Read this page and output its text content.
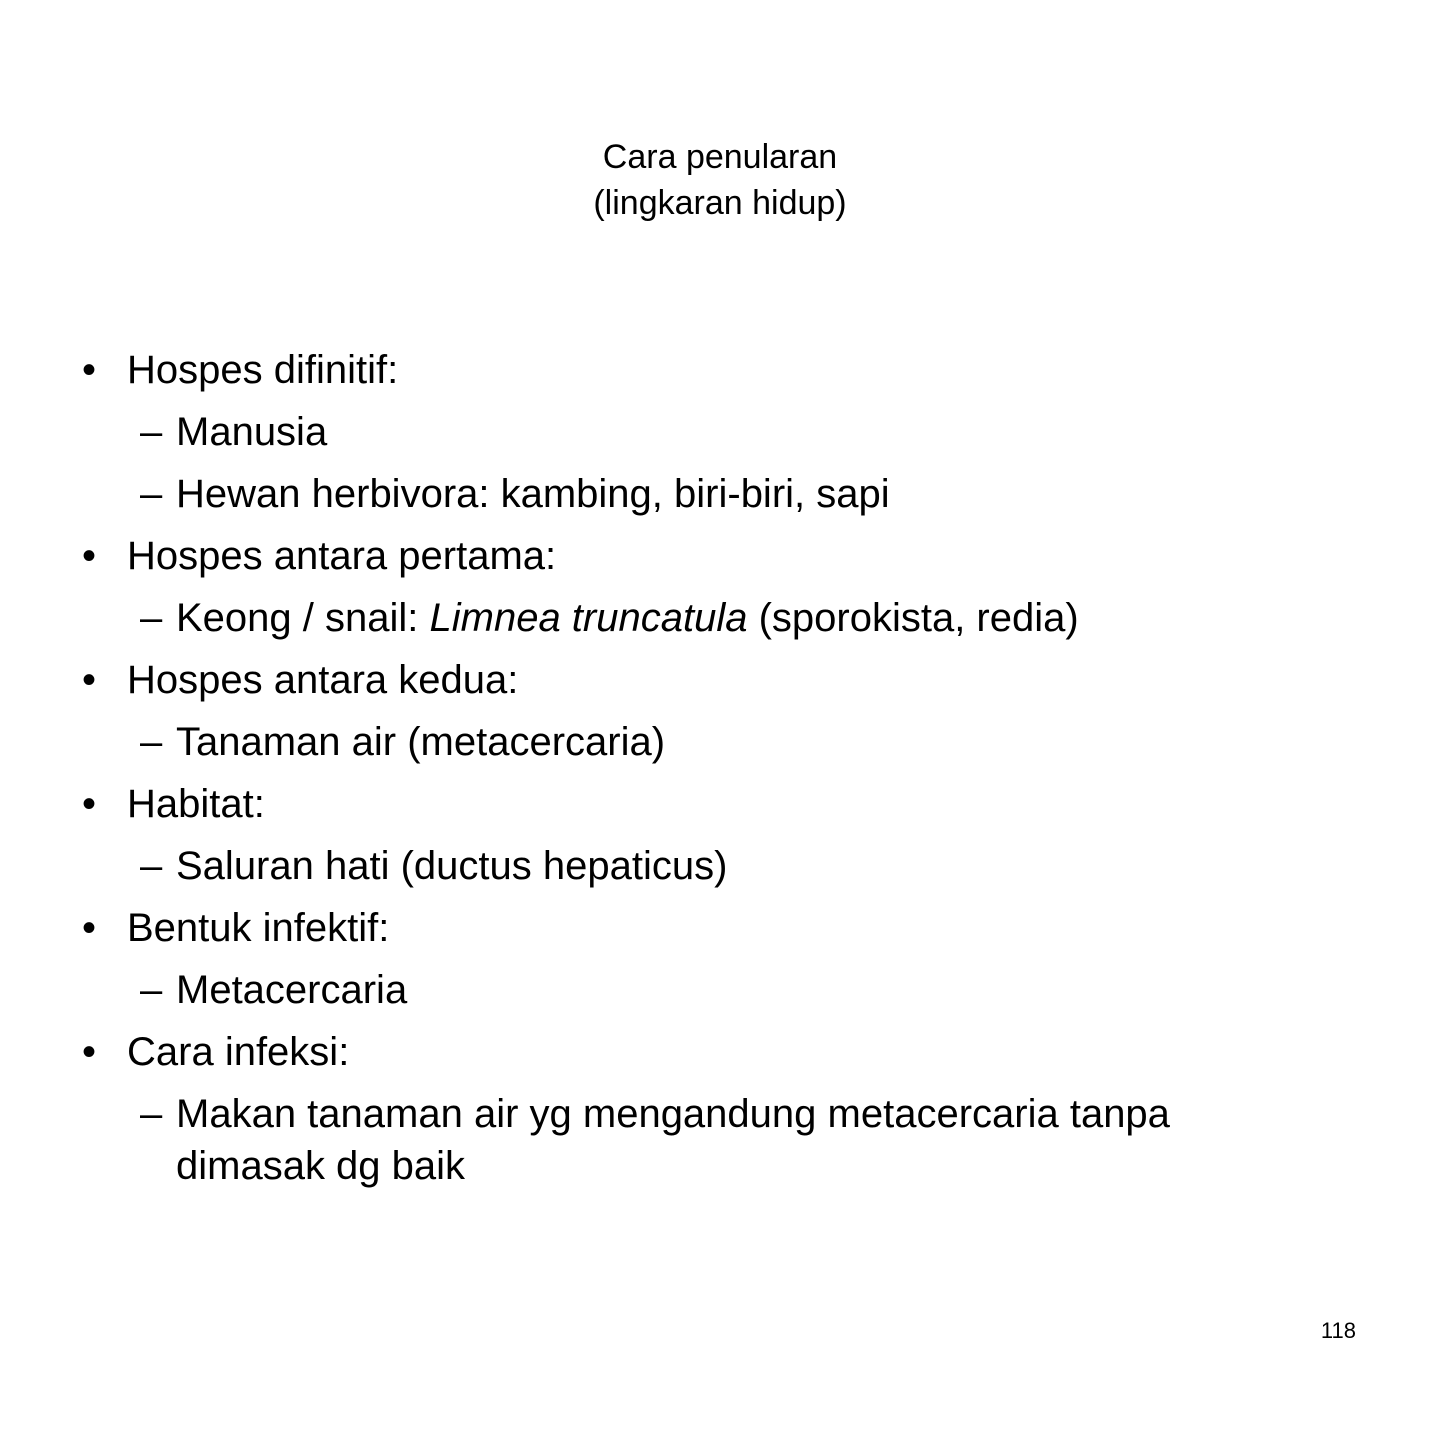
Cara penularan
(lingkaran hidup)
• Hospes difinitif:
– Manusia
– Hewan herbivora: kambing, biri-biri, sapi
• Hospes antara pertama:
– Keong / snail: Limnea truncatula (sporokista, redia)
• Hospes antara kedua:
– Tanaman air (metacercaria)
• Habitat:
– Saluran hati (ductus hepaticus)
• Bentuk infektif:
– Metacercaria
• Cara infeksi:
– Makan tanaman air yg mengandung metacercaria tanpa dimasak dg baik
118
